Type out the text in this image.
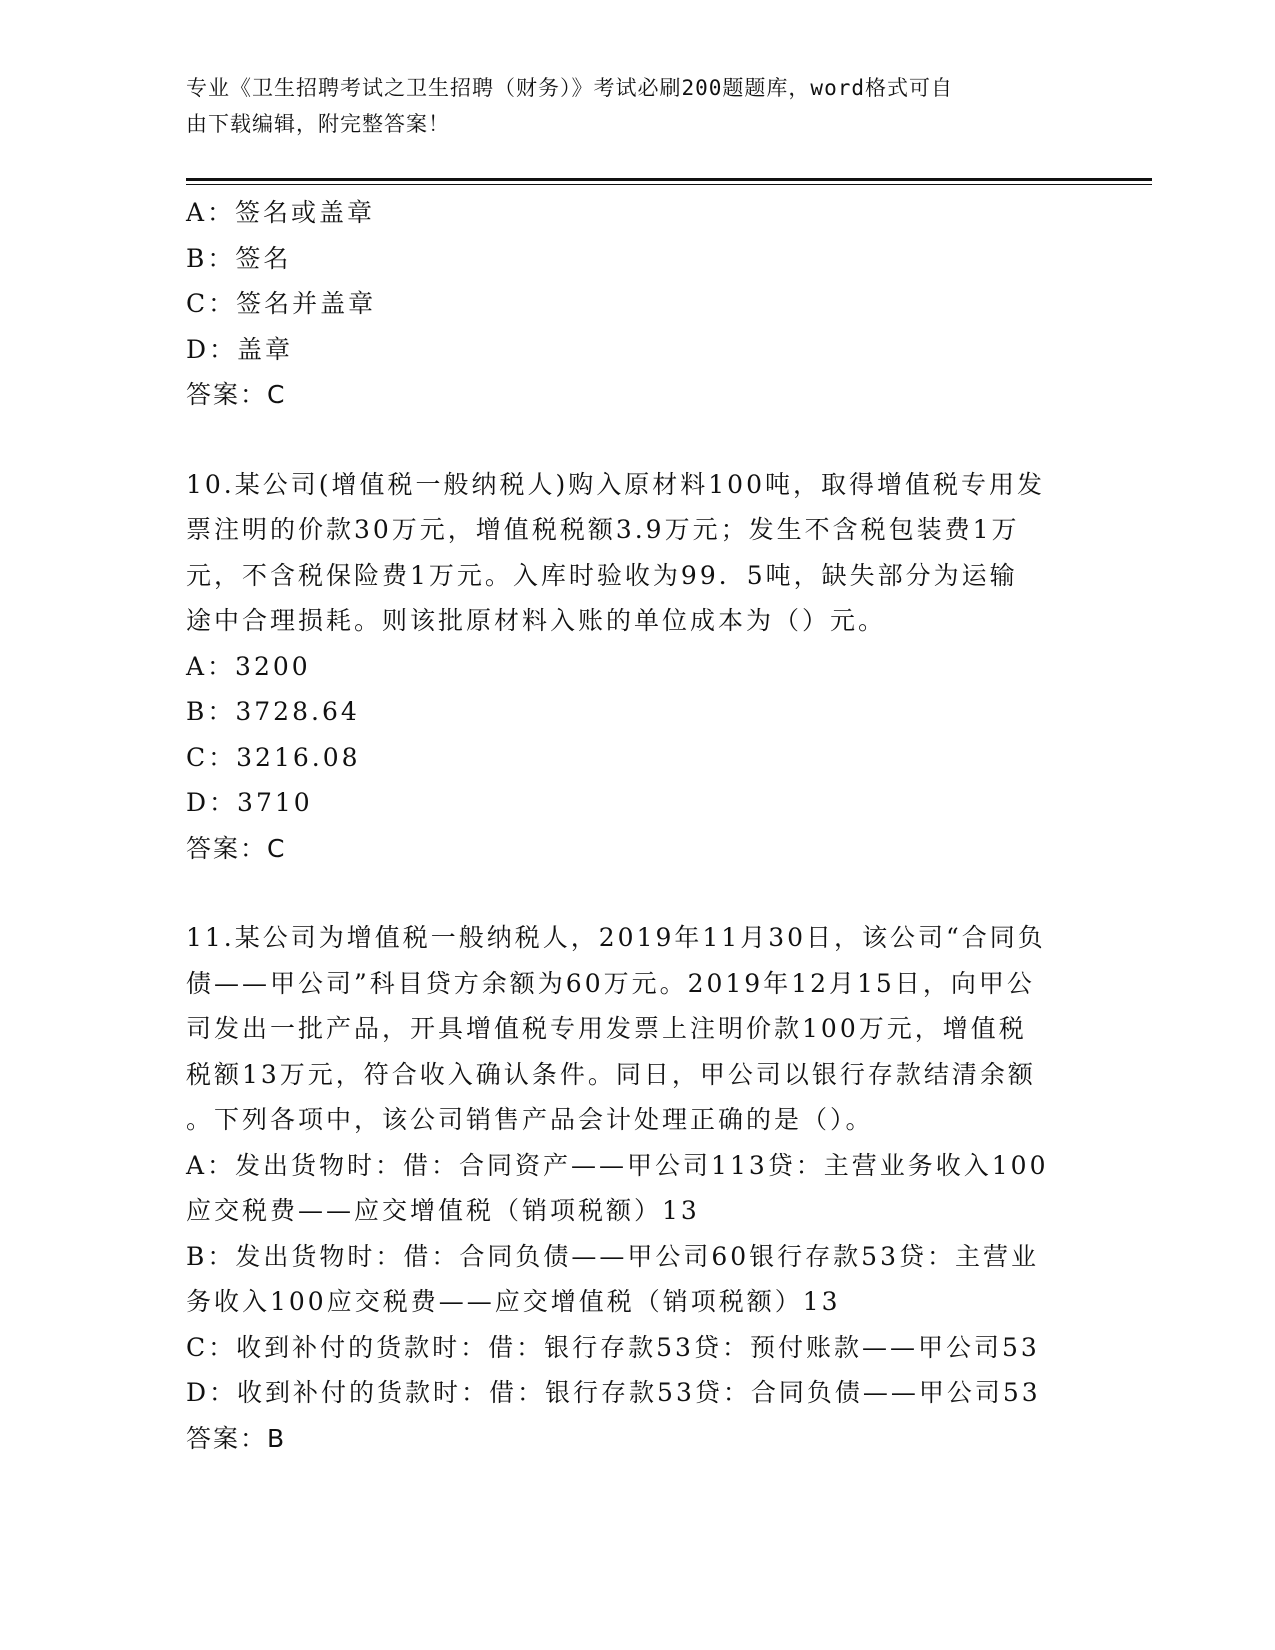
专业《卫生招聘考试之卫生招聘（财务）》考试必刷200题题库，word格式可自
由下载编辑，附完整答案！
A：签名或盖章
B：签名
C：签名并盖章
D：盖章
答案：C
10.某公司(增值税一般纳税人)购入原材料100吨，取得增值税专用发
票注明的价款30万元，增值税税额3.9万元；发生不含税包装费1万
元，不含税保险费1万元。入库时验收为99．5吨，缺失部分为运输
途中合理损耗。则该批原材料入账的单位成本为（）元。
A：3200
B：3728.64
C：3216.08
D：3710
答案：C
11.某公司为增值税一般纳税人，2019年11月30日，该公司“合同负
债——甲公司”科目贷方余额为60万元。2019年12月15日，向甲公
司发出一批产品，开具增值税专用发票上注明价款100万元，增值税
税额13万元，符合收入确认条件。同日，甲公司以银行存款结清余额
。下列各项中，该公司销售产品会计处理正确的是（）。
A：发出货物时：借：合同资产——甲公司113贷：主营业务收入100
应交税费——应交增值税（销项税额）13
B：发出货物时：借：合同负债——甲公司60银行存款53贷：主营业
务收入100应交税费——应交增值税（销项税额）13
C：收到补付的货款时：借：银行存款53贷：预付账款——甲公司53
D：收到补付的货款时：借：银行存款53贷：合同负债——甲公司53
答案：B
